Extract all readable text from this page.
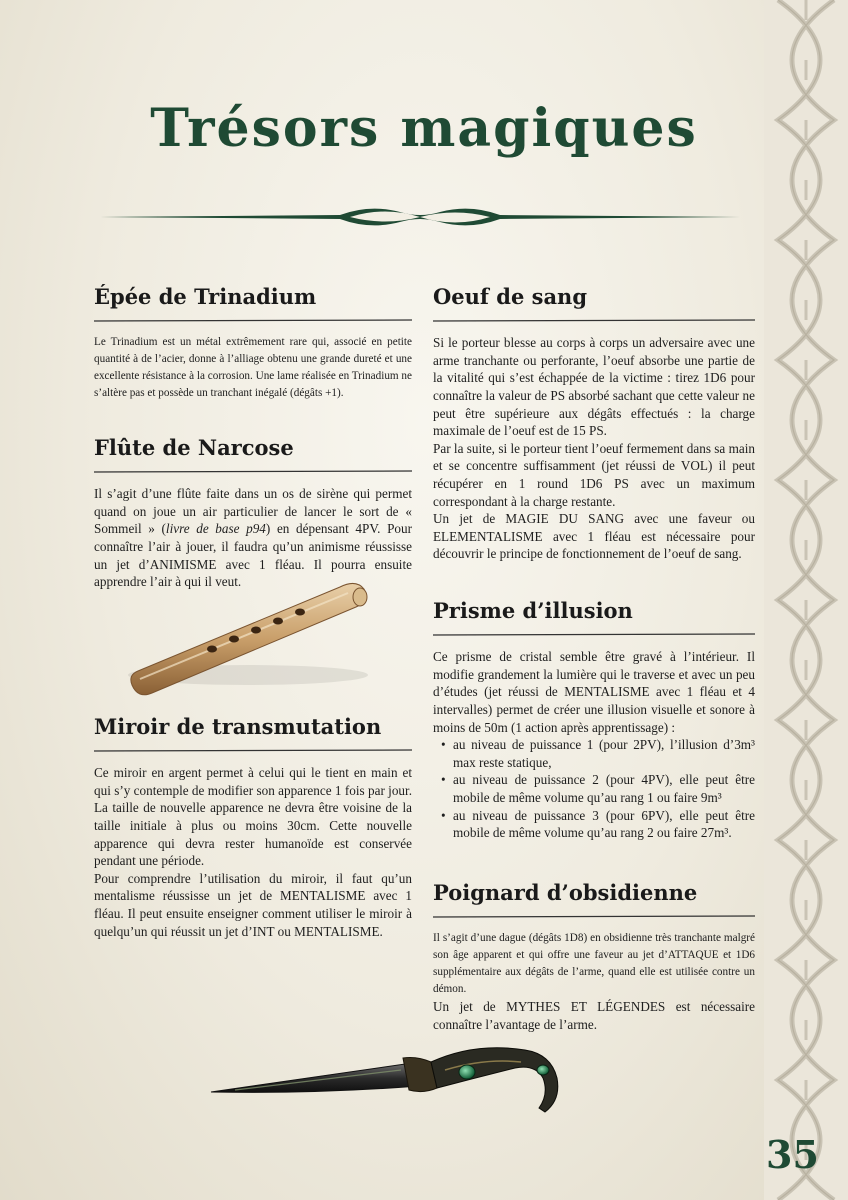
Trésors magiques
Épée de Trinadium

Le Trinadium est un métal extrêmement rare qui, associé en petite quantité à de l’acier, donne à l’alliage obtenu une grande dureté et une excellente résistance à la corrosion. Une lame réalisée en Trinadium ne s’altère pas et possède un tranchant inégalé (dégâts +1).

Flûte de Narcose

Il s’agit d’une flûte faite dans un os de sirène qui permet quand on joue un air particulier de lancer le sort de « Sommeil » (livre de base p94) en dépensant 4PV. Pour connaître l’air à jouer, il faudra qu’un animisme réussisse un jet d’ANIMISME avec 1 fléau. Il pourra ensuite apprendre l’air à qui il veut.

Miroir de transmutation

Ce miroir en argent permet à celui qui le tient en main et qui s’y contemple de modifier son apparence 1 fois par jour. La taille de nouvelle apparence ne devra être voisine de la taille initiale à plus ou moins 30cm. Cette nouvelle apparence qui devra rester humanoïde est conservée pendant une période.

Pour comprendre l’utilisation du miroir, il faut qu’un mentalisme réussisse un jet de MENTALISME avec 1 fléau. Il peut ensuite enseigner comment utiliser le miroir à quelqu’un qui réussit un jet d’INT ou MENTALISME.

Oeuf de sang

Si le porteur blesse au corps à corps un adversaire avec une arme tranchante ou perforante, l’oeuf absorbe une partie de la vitalité qui s’est échappée de la victime : tirez 1D6 pour connaître la valeur de PS absorbé sachant que cette valeur ne peut être supérieure aux dégâts effectués : la charge maximale de l’oeuf est de 15 PS.

Par la suite, si le porteur tient l’oeuf fermement dans sa main et se concentre suffisamment (jet réussi de VOL) il peut récupérer en 1 round 1D6 PS avec un maximum correspondant à la charge restante.

Un jet de MAGIE DU SANG avec une faveur ou ELEMENTALISME avec 1 fléau est nécessaire pour découvrir le principe de fonctionnement de l’oeuf de sang.

Prisme d’illusion

Ce prisme de cristal semble être gravé à l’intérieur. Il modifie grandement la lumière qui le traverse et avec un peu d’études (jet réussi de MENTALISME avec 1 fléau et 4 intervalles) permet de créer une illusion visuelle et sonore à moins de 50m (1 action après apprentissage) :

• au niveau de puissance 1 (pour 2PV), l’illusion d’3m³ max reste statique,
• au niveau de puissance 2 (pour 4PV), elle peut être mobile de même volume qu’au rang 1 ou faire 9m³
• au niveau de puissance 3 (pour 6PV), elle peut être mobile de même volume qu’au rang 2 ou faire 27m³.
Poignard d’obsidienne

Il s’agit d’une dague (dégâts 1D8) en obsidienne très tranchante malgré son âge apparent et qui offre une faveur au jet d’ATTAQUE et 1D6 supplémentaire aux dégâts de l’arme, quand elle est utilisée contre un démon.

Un jet de MYTHES ET LÉGENDES est nécessaire connaître l’avantage de l’arme.

35
